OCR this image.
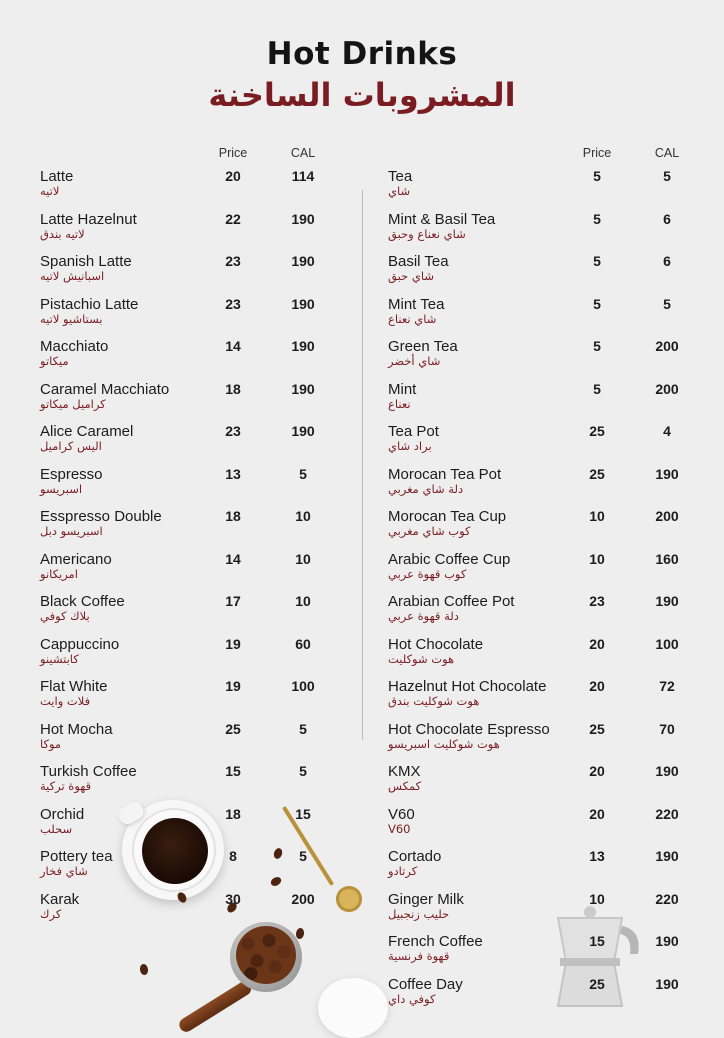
Hot Drinks
المشروبات الساخنة
Price	CAL	Price	CAL
Latte
لاتيه
20	114
Latte Hazelnut
لاتيه بندق
22	190
Spanish Latte
اسبانيش لاتيه
23	190
Pistachio Latte
بستاشيو لاتيه
23	190
Macchiato
ميكاتو
14	190
Caramel Macchiato
كراميل ميكاتو
18	190
Alice Caramel
اليس كراميل
23	190
Espresso
اسبريسو
13	5
Esspresso Double
اسبريسو دبل
18	10
Americano
امريكانو
14	10
Black Coffee
بلاك كوفي
17	10
Cappuccino
كابتشينو
19	60
Flat White
فلات وايت
19	100
Hot Mocha
موكا
25	5
Turkish Coffee
قهوة تركية
15	5
Orchid
سحلب
18	15
Pottery tea
شاي فخار
8	5
Karak
كرك
30	200
Tea
شاي
5	5
Mint & Basil Tea
شاي نعناع وحبق
5	6
Basil Tea
شاي حبق
5	6
Mint Tea
شاي نعناع
5	5
Green Tea
شاي أخضر
5	200
Mint
نعناع
5	200
Tea Pot
براد شاي
25	4
Morocan Tea Pot
دلة شاي مغربي
25	190
Morocan Tea Cup
كوب شاي مغربي
10	200
Arabic Coffee Cup
كوب قهوة عربي
10	160
Arabian Coffee Pot
دلة قهوة عربي
23	190
Hot Chocolate
هوت شوكليت
20	100
Hazelnut Hot Chocolate
هوت شوكليت بندق
20	72
Hot Chocolate Espresso
هوت شوكليت اسبريسو
25	70
KMX
كمكس
20	190
V60
V60
20	220
Cortado
كرتادو
13	190
Ginger Milk
حليب زنجبيل
10	220
French Coffee
قهوة فرنسية
15	190
Coffee Day
كوفي داي
25	190
